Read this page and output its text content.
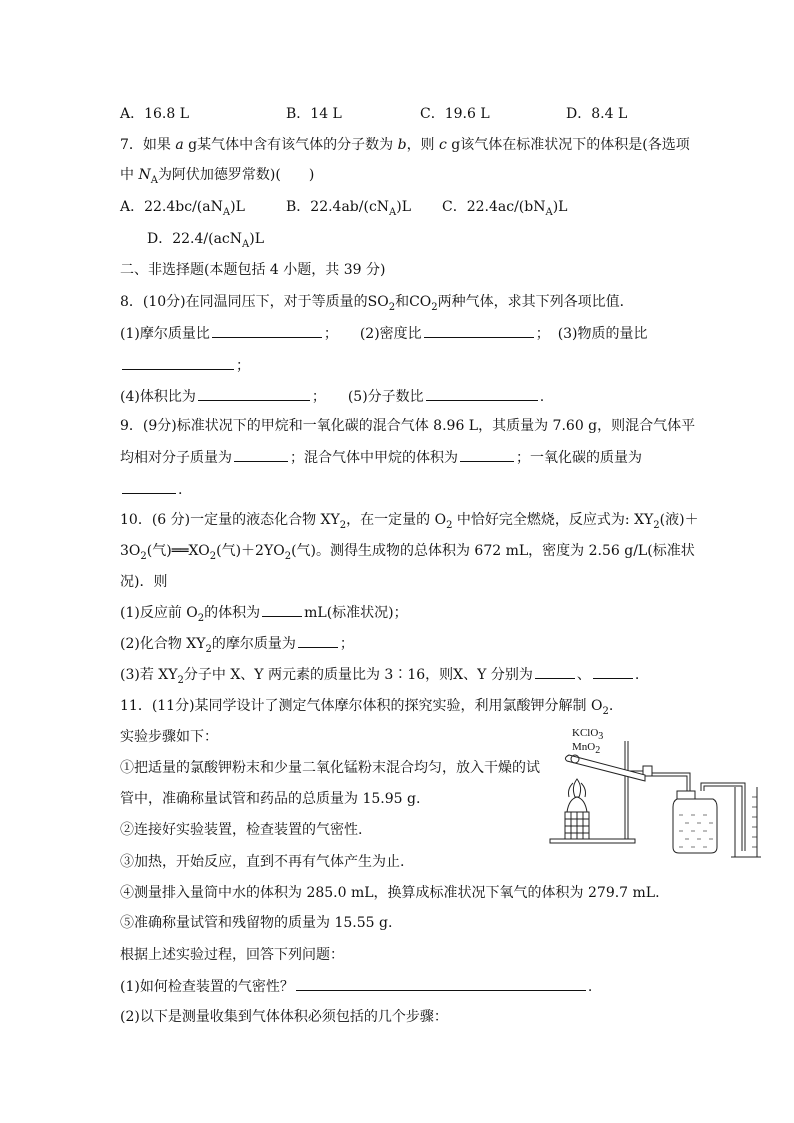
A．16.8 L	B．14 L	C．19.6 L	D．8.4 L
7．如果 a g某气体中含有该气体的分子数为 b，则 c g该气体在标准状况下的体积是(各选项
中 $N_A$为阿伏加德罗常数)(　　)
A．$22.4bc/(aN_A)L$	B．$22.4ab/(cN_A)L$ C．$22.4ac/(bN_A)L$
D．22.4/(acN$_A$)L
二、非选择题(本题包括 4 小题，共 39 分)
8．(10分)在同温同压下，对于等质量的$SO_2$和$CO_2$两种气体，求其下列各项比值．
(1)摩尔质量比	； (2)密度比	； (3)物质的量比
；
(4)体积比为	； (5)分子数比	.
9．(9分)标准状况下的甲烷和一氧化碳的混合气体 8.96 L，其质量为 7.60 g，则混合气体平
均相对分子质量为	；混合气体中甲烷的体积为	；一氧化碳的质量为
.
10．(6 分)一定量的液态化合物 $XY_2$，在一定量的 $O_2$ 中恰好完全燃烧，反应式为: $XY_2$(液)＋
$3O_2$(气)$══XO_2$(气)$+2YO_2$(气)。测得生成物的总体积为 672 mL，密度为 2.56 g/L(标准状
况)．则
(1)反应前 $O_2$的体积为	mL(标准状况)；
(2)化合物 $XY_2$的摩尔质量为	；
(3)若 $XY_2$分子中 X、Y 两元素的质量比为 3∶16，则X、Y 分别为	、	.
11．(11分)某同学设计了测定气体摩尔体积的探究实验，利用氯酸钾分解制 $O_2$.
实验步骤如下：
①把适量的氯酸钾粉末和少量二氧化锰粉末混合均匀，放入干燥的试
管中，准确称量试管和药品的总质量为 15.95 g.
②连接好实验装置，检查装置的气密性.
③加热，开始反应，直到不再有气体产生为止.
④测量排入量筒中水的体积为 285.0 mL，换算成标准状况下氧气的体积为 279.7 mL.
⑤准确称量试管和残留物的质量为 15.55 g.
根据上述实验过程，回答下列问题：
(1)如何检查装置的气密性？	.
(2)以下是测量收集到气体体积必须包括的几个步骤：
KClO$_3$
MnO$_2$
